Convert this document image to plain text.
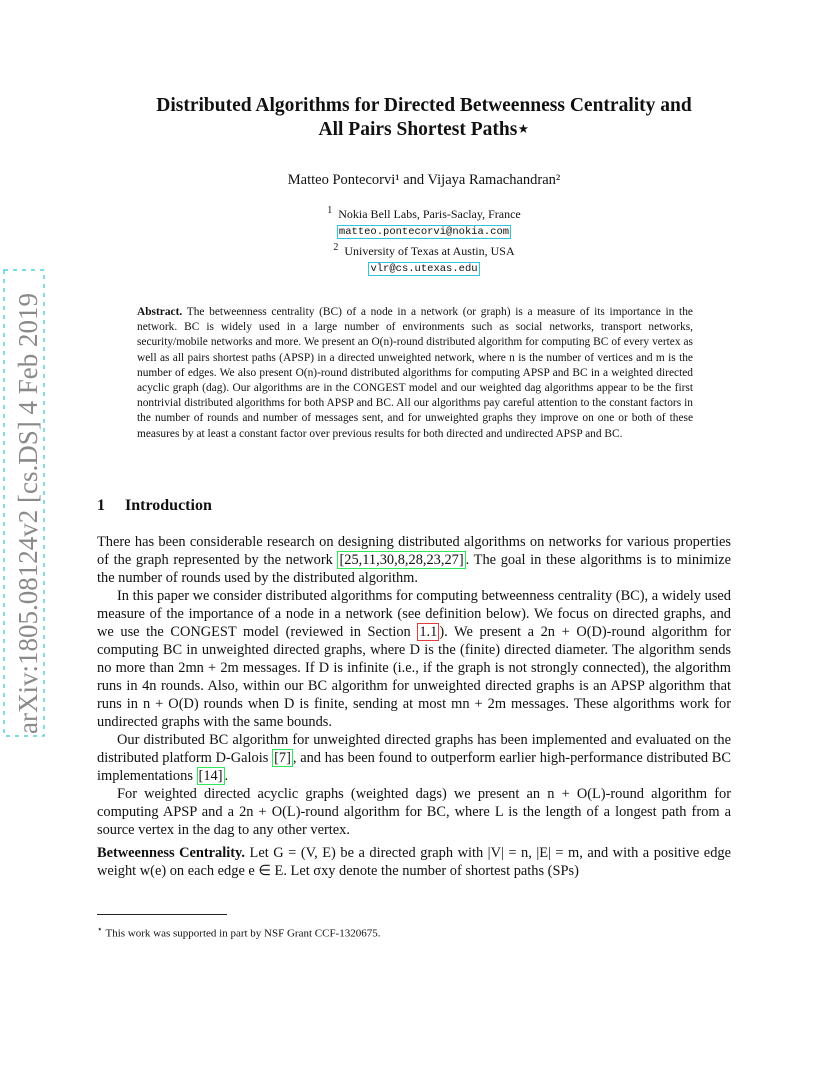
arXiv:1805.08124v2 [cs.DS] 4 Feb 2019
Distributed Algorithms for Directed Betweenness Centrality and
All Pairs Shortest Paths⋆
Matteo Pontecorvi¹ and Vijaya Ramachandran²
$^1$ Nokia Bell Labs, Paris-Saclay, France
matteo.pontecorvi@nokia.com
$^2$ University of Texas at Austin, USA
vlr@cs.utexas.edu
Abstract. The betweenness centrality (BC) of a node in a network (or graph) is a measure of its importance in the network. BC is widely used in a large number of environments such as social networks, transport networks, security/mobile networks and more. We present an O(n)-round distributed algorithm for computing BC of every vertex as well as all pairs shortest paths (APSP) in a directed unweighted network, where n is the number of vertices and m is the number of edges. We also present O(n)-round distributed algorithms for computing APSP and BC in a weighted directed acyclic graph (dag). Our algorithms are in the CONGEST model and our weighted dag algorithms appear to be the first nontrivial distributed algorithms for both APSP and BC. All our algorithms pay careful attention to the constant factors in the number of rounds and number of messages sent, and for unweighted graphs they improve on one or both of these measures by at least a constant factor over previous results for both directed and undirected APSP and BC.
1 Introduction

There has been considerable research on designing distributed algorithms on networks for various properties of the graph represented by the network [25,11,30,8,28,23,27] . The goal in these algorithms is to minimize the number of rounds used by the distributed algorithm.

In this paper we consider distributed algorithms for computing betweenness centrality (BC), a widely used measure of the importance of a node in a network (see definition below). We focus on directed graphs, and we use the CONGEST model (reviewed in Section 1.1 ). We present a 2n + O(D)-round algorithm for computing BC in unweighted directed graphs, where D is the (finite) directed diameter. The algorithm sends no more than 2mn + 2m messages. If D is infinite (i.e., if the graph is not strongly connected), the algorithm runs in 4n rounds. Also, within our BC algorithm for unweighted directed graphs is an APSP algorithm that runs in n + O(D) rounds when D is finite, sending at most mn + 2m messages. These algorithms work for undirected graphs with the same bounds.

Our distributed BC algorithm for unweighted directed graphs has been implemented and evaluated on the distributed platform D-Galois [7] , and has been found to outperform earlier high-performance distributed BC implementations [14] .

For weighted directed acyclic graphs (weighted dags) we present an n + O(L)-round algorithm for computing APSP and a 2n + O(L)-round algorithm for BC, where L is the length of a longest path from a source vertex in the dag to any other vertex.

Betweenness Centrality. Let G = (V, E) be a directed graph with |V| = n, |E| = m, and with a positive edge weight w(e) on each edge e ∈ E. Let σxy denote the number of shortest paths (SPs)

⋆ This work was supported in part by NSF Grant CCF-1320675.
